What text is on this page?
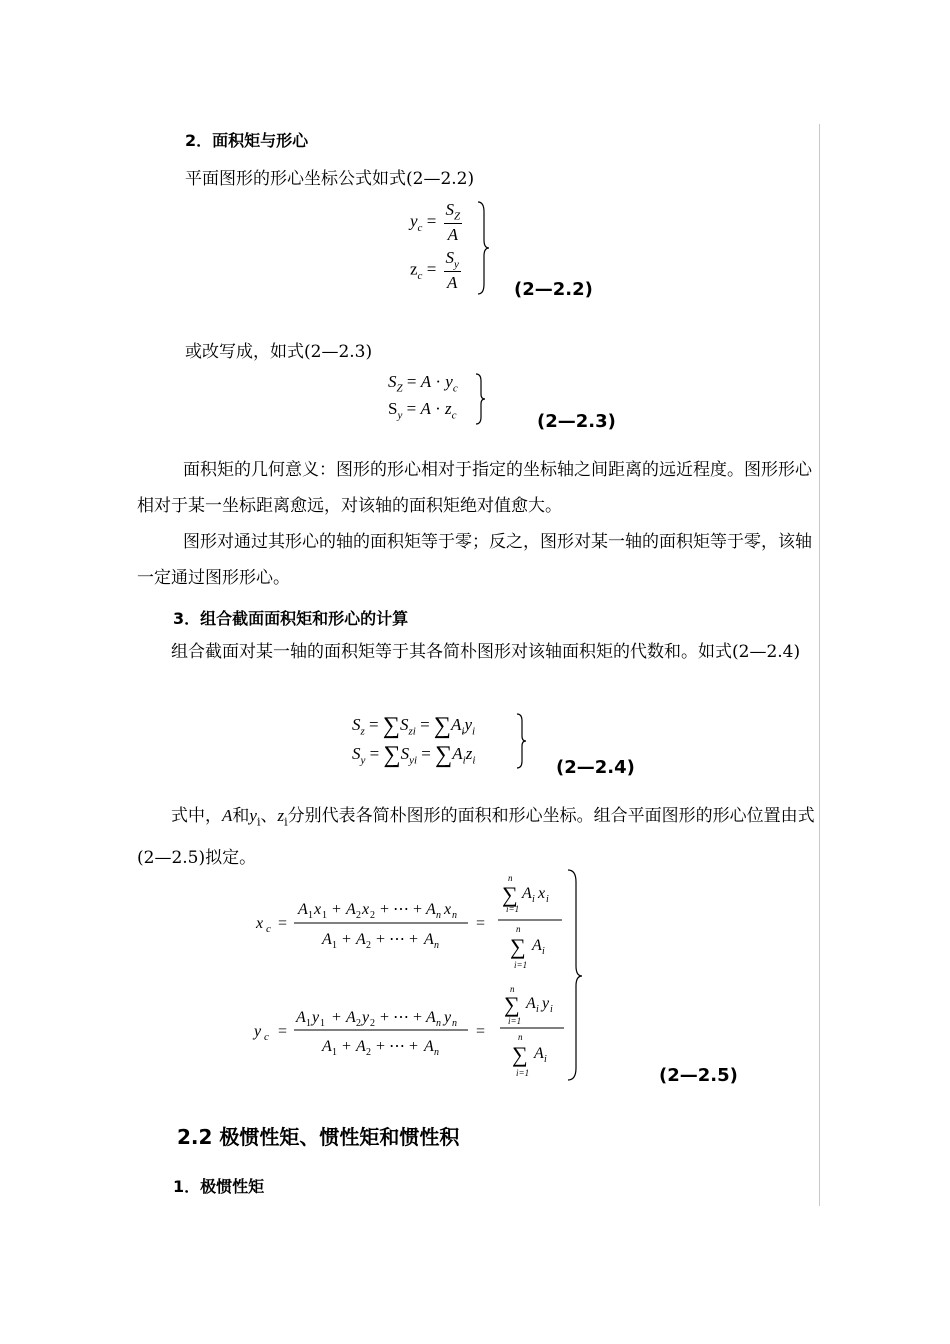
2．面积矩与形心
平面图形的形心坐标公式如式(2—2.2)
$y_c = \frac{S_Z}{A}$
$z_c = \frac{S_y}{A}$	(2—2.2)
或改写成，如式(2—2.3)
$S_Z = A \cdot y_c$
$S_y = A \cdot z_c$	(2—2.3)
面积矩的几何意义：图形的形心相对于指定的坐标轴之间距离的远近程度。图形形心相对于某一坐标距离愈远，对该轴的面积矩绝对值愈大。
图形对通过其形心的轴的面积矩等于零；反之，图形对某一轴的面积矩等于零，该轴一定通过图形形心。
3．组合截面面积矩和形心的计算
组合截面对某一轴的面积矩等于其各简朴图形对该轴面积矩的代数和。如式(2—2.4)
$S_z = \sum S_{zi} = \sum A_iy_i$
$S_y = \sum S_{yi} = \sum A_iz_i$	(2—2.4)
式中，A和$y_i$、$z_i$分别代表各简朴图形的面积和形心坐标。组合平面图形的形心位置由式(2—2.5)拟定。
x c =
A 1 x 1 + A 2 x 2 + ⋯ + A n x n
A 1 + A 2 + ⋯ + A n
=
n
∑
i=1
A i x i
n
∑
i=1
A i
y c =
A 1 y 1 + A 2 y 2 + ⋯ + A n y n
A 1 + A 2 + ⋯ + A n
=
n
∑
i=1
A i y i
n
∑
i=1
A i
(2—2.5)
2.2 极惯性矩、惯性矩和惯性积
1．极惯性矩
